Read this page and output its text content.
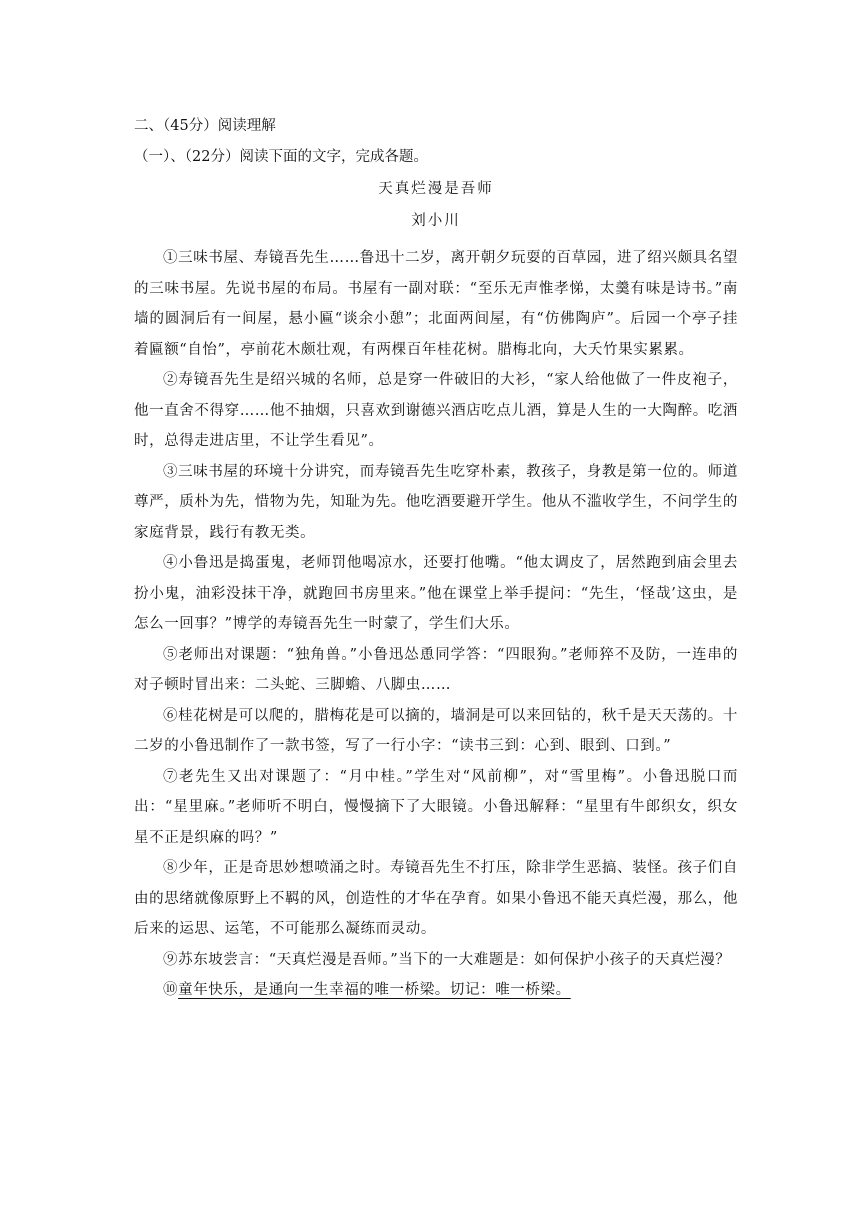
二、（45分）阅读理解

（一）、（22分）阅读下面的文字，完成各题。

天真烂漫是吾师

刘小川

①三味书屋、寿镜吾先生……鲁迅十二岁，离开朝夕玩耍的百草园，进了绍兴颇具名望的三味书屋。先说书屋的布局。书屋有一副对联：“至乐无声惟孝悌，太羹有味是诗书。”南墙的圆洞后有一间屋，悬小匾“谈余小憩”；北面两间屋，有“仿佛陶庐”。后园一个亭子挂着匾额“自怡”，亭前花木颇壮观，有两棵百年桂花树。腊梅北向，大夭竹果实累累。

②寿镜吾先生是绍兴城的名师，总是穿一件破旧的大衫，“家人给他做了一件皮袍子，他一直舍不得穿……他不抽烟，只喜欢到谢德兴酒店吃点儿酒，算是人生的一大陶醉。吃酒时，总得走进店里，不让学生看见”。

③三味书屋的环境十分讲究，而寿镜吾先生吃穿朴素，教孩子，身教是第一位的。师道尊严，质朴为先，惜物为先，知耻为先。他吃酒要避开学生。他从不滥收学生，不问学生的家庭背景，践行有教无类。

④小鲁迅是捣蛋鬼，老师罚他喝凉水，还要打他嘴。“他太调皮了，居然跑到庙会里去扮小鬼，油彩没抹干净，就跑回书房里来。”他在课堂上举手提问：“先生，‘怪哉’这虫，是怎么一回事？”博学的寿镜吾先生一时蒙了，学生们大乐。

⑤老师出对课题：“独角兽。”小鲁迅怂恿同学答：“四眼狗。”老师猝不及防，一连串的对子顿时冒出来：二头蛇、三脚蟾、八脚虫……

⑥桂花树是可以爬的，腊梅花是可以摘的，墙洞是可以来回钻的，秋千是天天荡的。十二岁的小鲁迅制作了一款书签，写了一行小字：“读书三到：心到、眼到、口到。”

⑦老先生又出对课题了：“月中桂。”学生对“风前柳”，对“雪里梅”。小鲁迅脱口而出：“星里麻。”老师听不明白，慢慢摘下了大眼镜。小鲁迅解释：“星里有牛郎织女，织女星不正是织麻的吗？”

⑧少年，正是奇思妙想喷涌之时。寿镜吾先生不打压，除非学生恶搞、装怪。孩子们自由的思绪就像原野上不羁的风，创造性的才华在孕育。如果小鲁迅不能天真烂漫，那么，他后来的运思、运笔，不可能那么凝练而灵动。

⑨苏东坡尝言：“天真烂漫是吾师。”当下的一大难题是：如何保护小孩子的天真烂漫？

⑩童年快乐，是通向一生幸福的唯一桥梁。切记：唯一桥梁。
